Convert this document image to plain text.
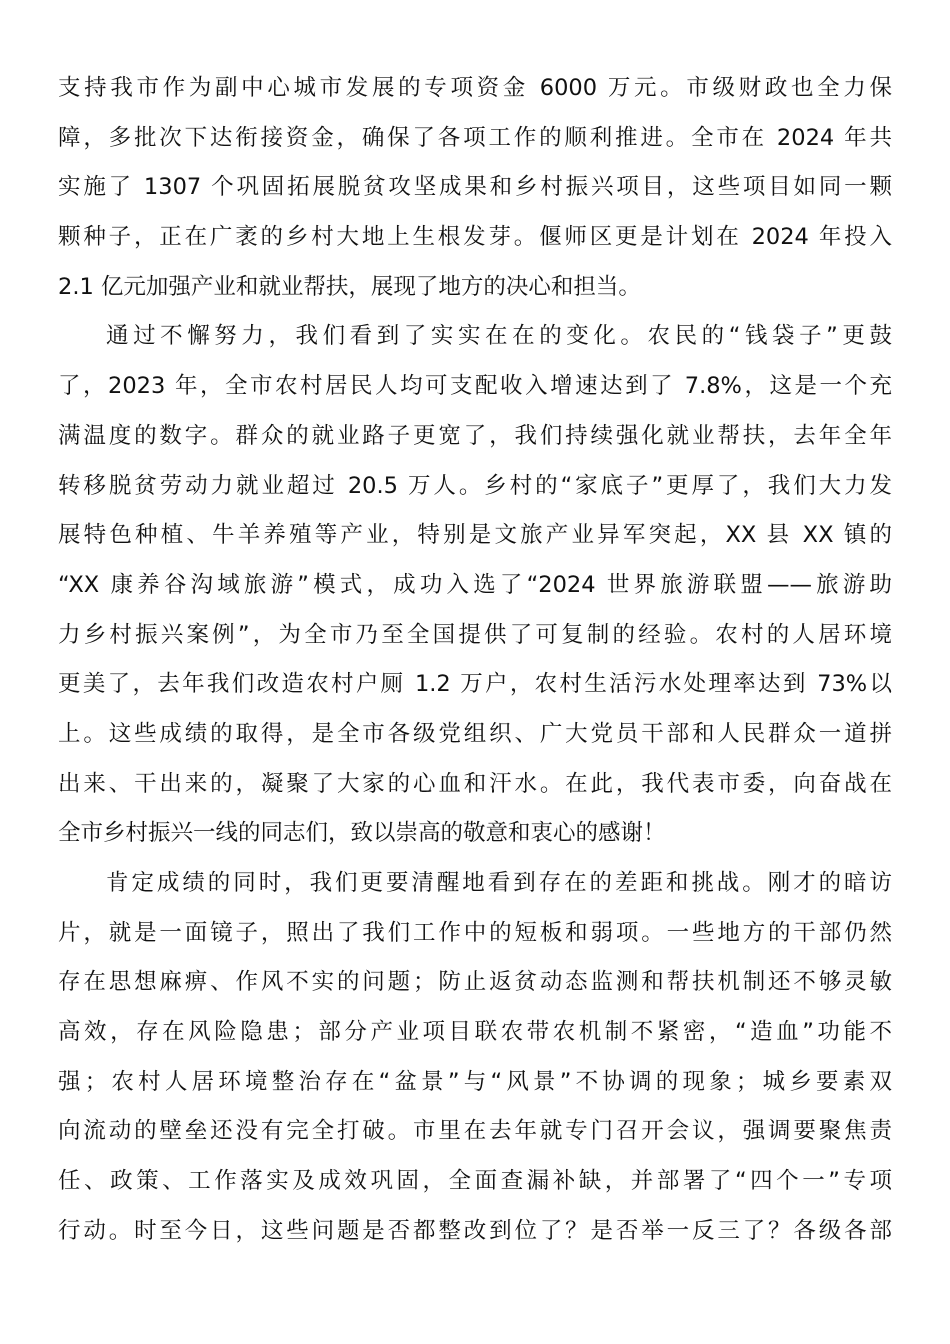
支持我市作为副中心城市发展的专项资金 6000 万元。市级财政也全力保
障，多批次下达衔接资金，确保了各项工作的顺利推进。全市在 2024 年共
实施了 1307 个巩固拓展脱贫攻坚成果和乡村振兴项目，这些项目如同一颗
颗种子，正在广袤的乡村大地上生根发芽。偃师区更是计划在 2024 年投入
2.1 亿元加强产业和就业帮扶，展现了地方的决心和担当。
通过不懈努力，我们看到了实实在在的变化。农民的“钱袋子”更鼓
了，2023 年，全市农村居民人均可支配收入增速达到了 7.8%，这是一个充
满温度的数字。群众的就业路子更宽了，我们持续强化就业帮扶，去年全年
转移脱贫劳动力就业超过 20.5 万人。乡村的“家底子”更厚了，我们大力发
展特色种植、牛羊养殖等产业，特别是文旅产业异军突起，XX 县 XX 镇的
“XX 康养谷沟域旅游”模式，成功入选了“2024 世界旅游联盟——旅游助
力乡村振兴案例”，为全市乃至全国提供了可复制的经验。农村的人居环境
更美了，去年我们改造农村户厕 1.2 万户，农村生活污水处理率达到 73%以
上。这些成绩的取得，是全市各级党组织、广大党员干部和人民群众一道拼
出来、干出来的，凝聚了大家的心血和汗水。在此，我代表市委，向奋战在
全市乡村振兴一线的同志们，致以崇高的敬意和衷心的感谢！
肯定成绩的同时，我们更要清醒地看到存在的差距和挑战。刚才的暗访
片，就是一面镜子，照出了我们工作中的短板和弱项。一些地方的干部仍然
存在思想麻痹、作风不实的问题；防止返贫动态监测和帮扶机制还不够灵敏
高效，存在风险隐患；部分产业项目联农带农机制不紧密，“造血”功能不
强；农村人居环境整治存在“盆景”与“风景”不协调的现象；城乡要素双
向流动的壁垒还没有完全打破。市里在去年就专门召开会议，强调要聚焦责
任、政策、工作落实及成效巩固，全面查漏补缺，并部署了“四个一”专项
行动。时至今日，这些问题是否都整改到位了？是否举一反三了？各级各部
